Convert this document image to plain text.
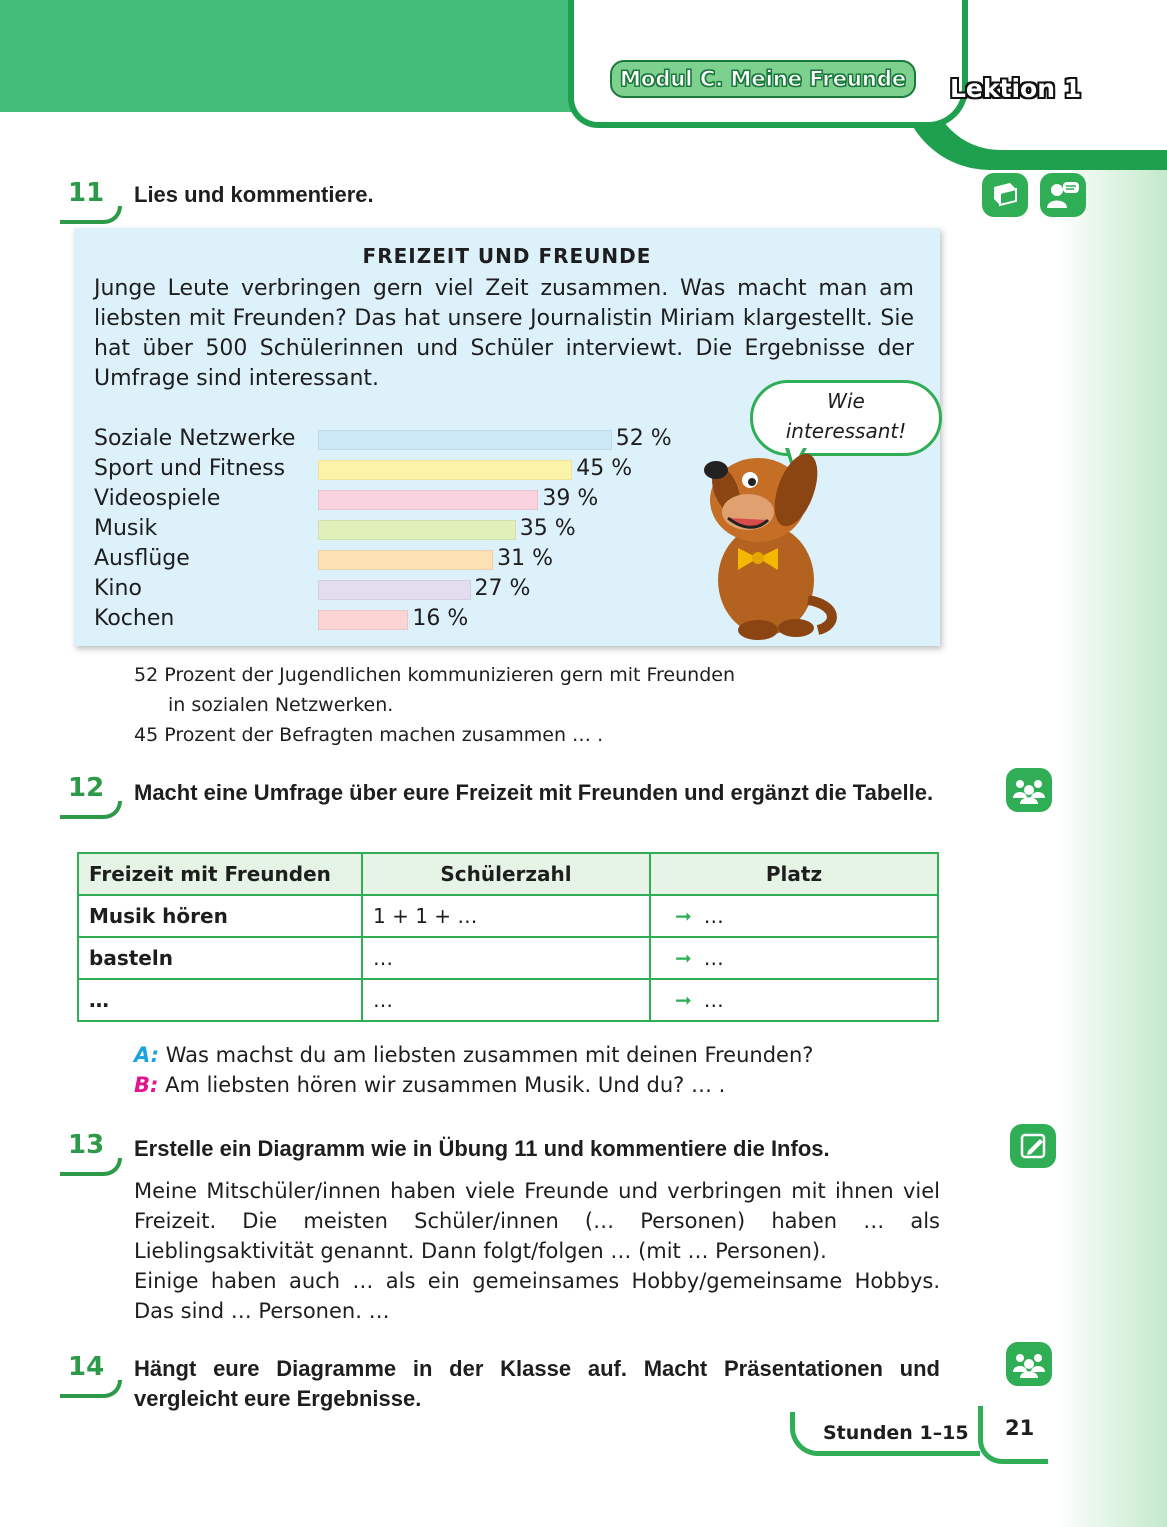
Modul C. Meine Freunde	Lektion 1
11 Lies und kommentiere.
FREIZEIT UND FREUNDE
Junge Leute verbringen gern viel Zeit zusammen. Was macht man am liebsten mit Freunden? Das hat unsere Journalistin Miriam klargestellt. Sie hat über 500 Schülerinnen und Schüler interviewt. Die Ergebnisse der Umfrage sind interessant.
Soziale Netzwerke	52 %
Sport und Fitness	45 %
Videospiele	39 %
Musik	35 %
Ausflüge	31 %
Kino	27 %
Kochen	16 %
Wie
interessant!
52 Prozent der Jugendlichen kommunizieren gern mit Freunden
in sozialen Netzwerken.
45 Prozent der Befragten machen zusammen … .
12 Macht eine Umfrage über eure Freizeit mit Freunden und ergänzt die Tabelle.
Freizeit mit Freunden	Schülerzahl	Platz
Musik hören	1 + 1 + …	➞ …
basteln	…	➞ …
…	…	➞ …
A: Was machst du am liebsten zusammen mit deinen Freunden?
B: Am liebsten hören wir zusammen Musik. Und du? … .
13 Erstelle ein Diagramm wie in Übung 11 und kommentiere die Infos.
Meine Mitschüler/innen haben viele Freunde und verbringen mit ihnen viel Freizeit. Die meisten Schüler/innen (… Personen) haben … als Lieblingsaktivität genannt. Dann folgt/folgen … (mit … Personen).
Einige haben auch … als ein gemeinsames Hobby/gemeinsame Hobbys. Das sind … Personen. …
14 Hängt eure Diagramme in der Klasse auf. Macht Präsentationen und vergleicht eure Ergebnisse.
Stunden 1–15 21
